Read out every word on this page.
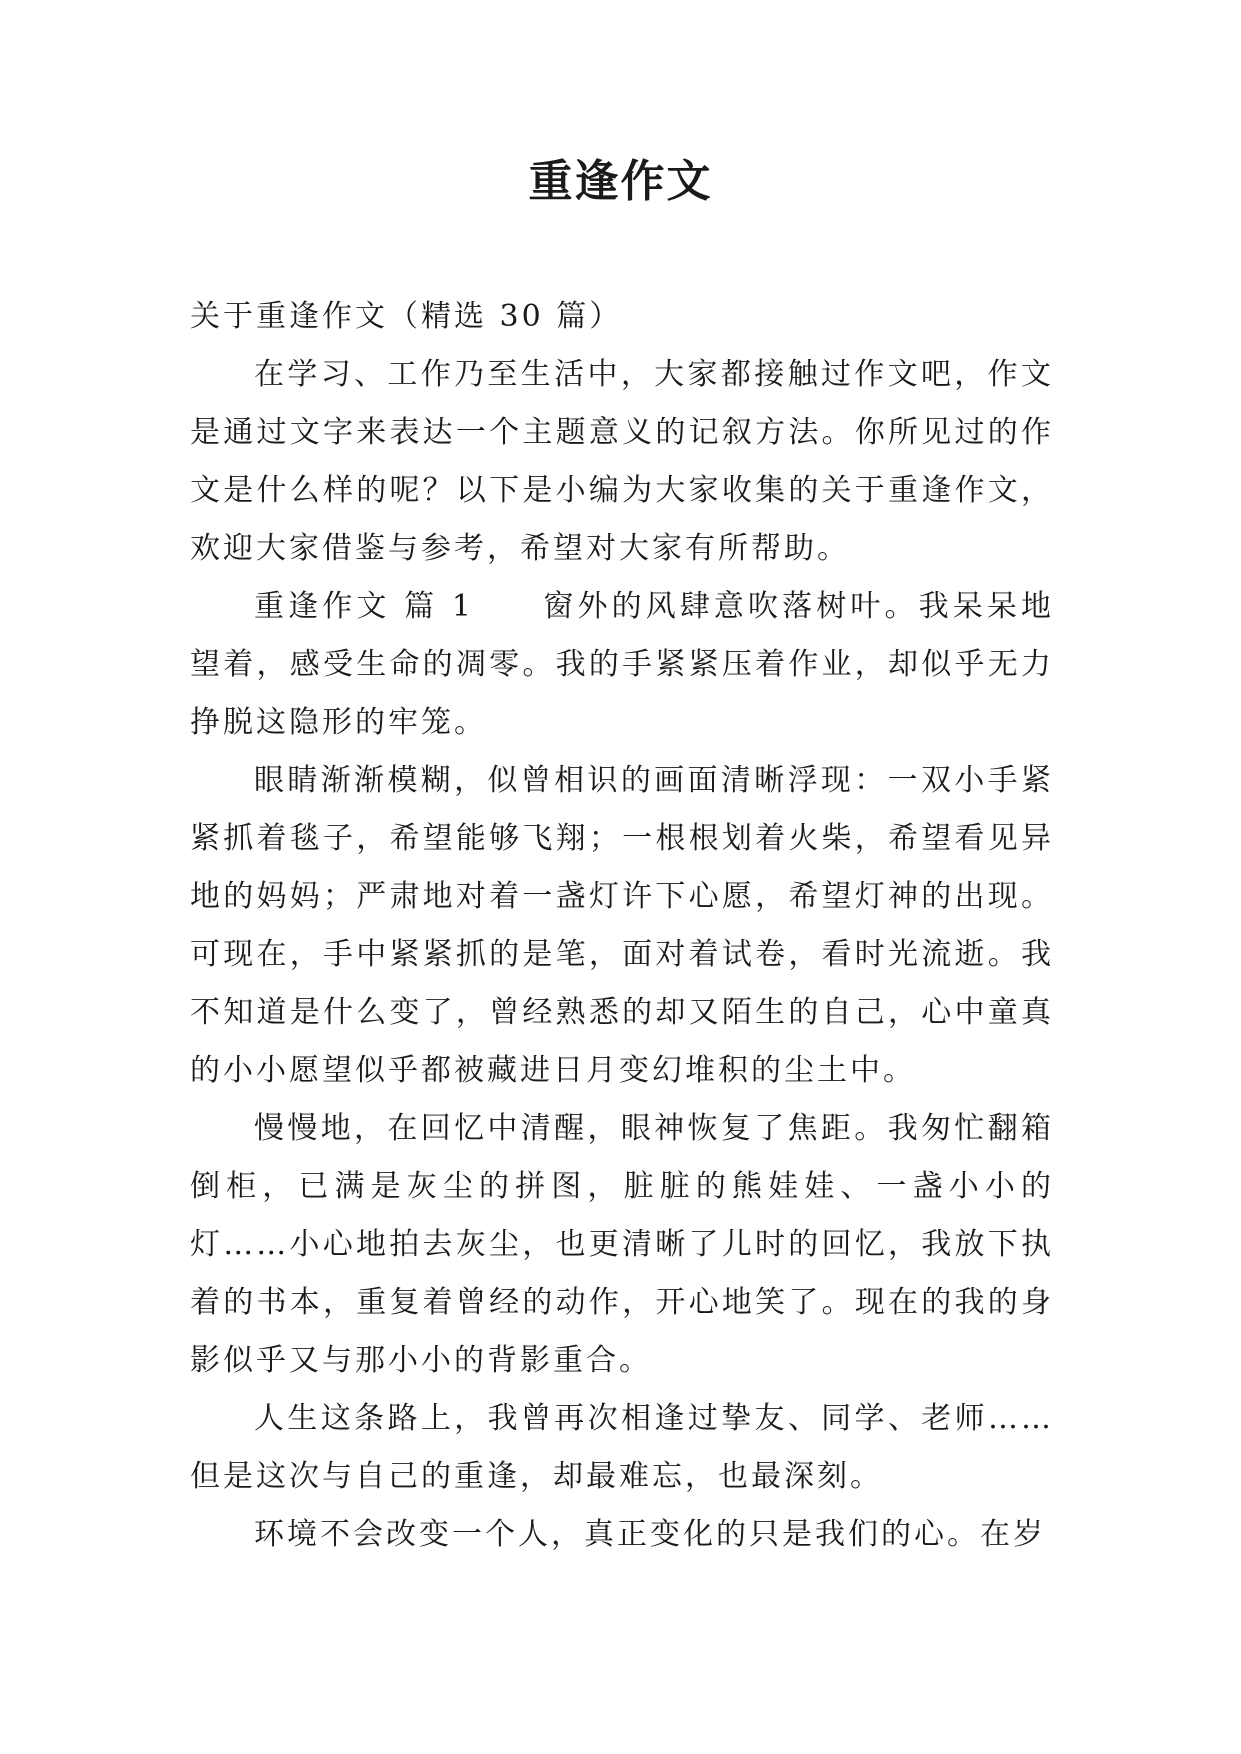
重逢作文

关于重逢作文（精选 30 篇）

在学习、工作乃至生活中，大家都接触过作文吧，作文是通过文字来表达一个主题意义的记叙方法。你所见过的作文是什么样的呢？以下是小编为大家收集的关于重逢作文，欢迎大家借鉴与参考，希望对大家有所帮助。

重逢作文 篇 1　　窗外的风肆意吹落树叶。我呆呆地望着，感受生命的凋零。我的手紧紧压着作业，却似乎无力挣脱这隐形的牢笼。

眼睛渐渐模糊，似曾相识的画面清晰浮现：一双小手紧紧抓着毯子，希望能够飞翔；一根根划着火柴，希望看见异地的妈妈；严肃地对着一盏灯许下心愿，希望灯神的出现。可现在，手中紧紧抓的是笔，面对着试卷，看时光流逝。我不知道是什么变了，曾经熟悉的却又陌生的自己，心中童真的小小愿望似乎都被藏进日月变幻堆积的尘土中。

慢慢地，在回忆中清醒，眼神恢复了焦距。我匆忙翻箱倒柜，已满是灰尘的拼图，脏脏的熊娃娃、一盏小小的灯……小心地拍去灰尘，也更清晰了儿时的回忆，我放下执着的书本，重复着曾经的动作，开心地笑了。现在的我的身影似乎又与那小小的背影重合。

人生这条路上，我曾再次相逢过挚友、同学、老师……但是这次与自己的重逢，却最难忘，也最深刻。

环境不会改变一个人，真正变化的只是我们的心。在岁
